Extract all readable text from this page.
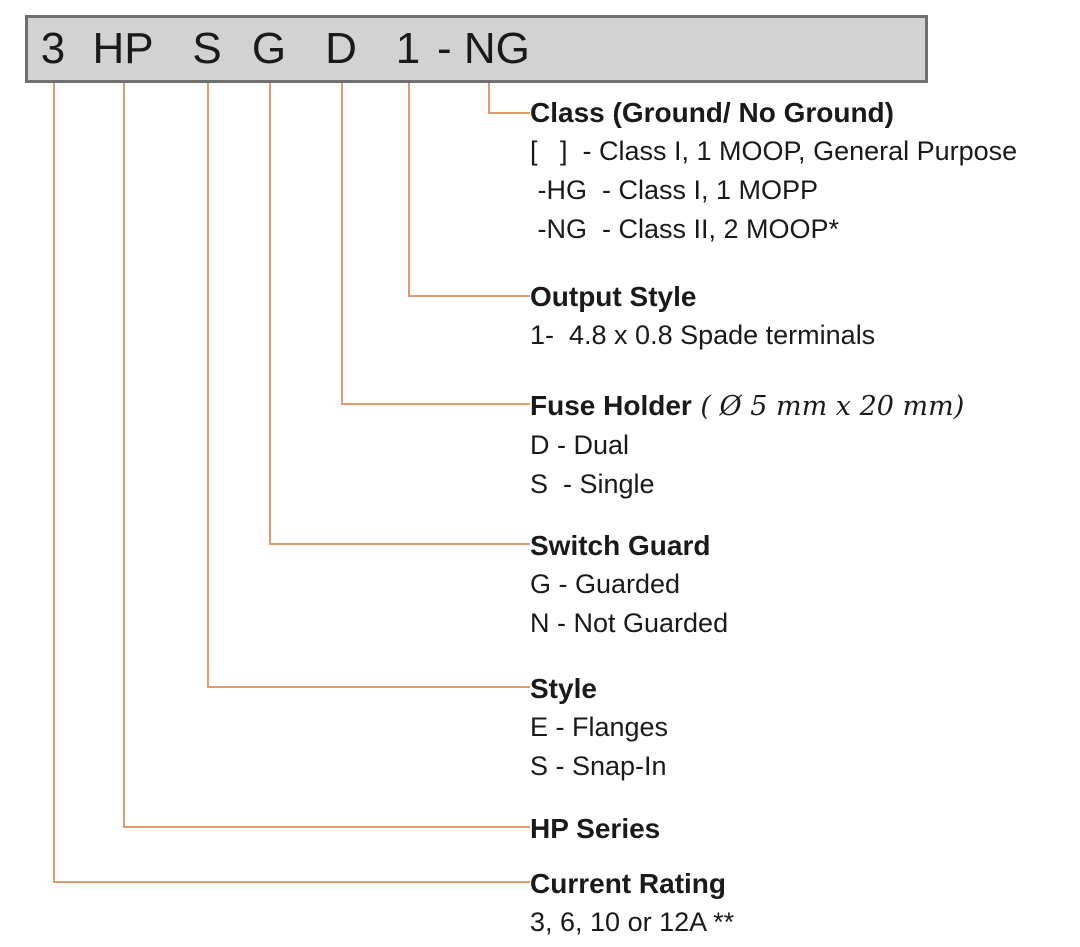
3 HP S G D 1 - NG
Class (Ground/ No Ground)
[   ]  - Class I, 1 MOOP, General Purpose
-HG  - Class I, 1 MOPP
-NG  - Class II, 2 MOOP*
Output Style
1-  4.8 x 0.8 Spade terminals
Fuse Holder ( Ø 5 mm x 20 mm)
D - Dual
S  - Single
Switch Guard
G - Guarded
N - Not Guarded
Style
E - Flanges
S - Snap-In
HP Series
Current Rating
3, 6, 10 or 12A **
